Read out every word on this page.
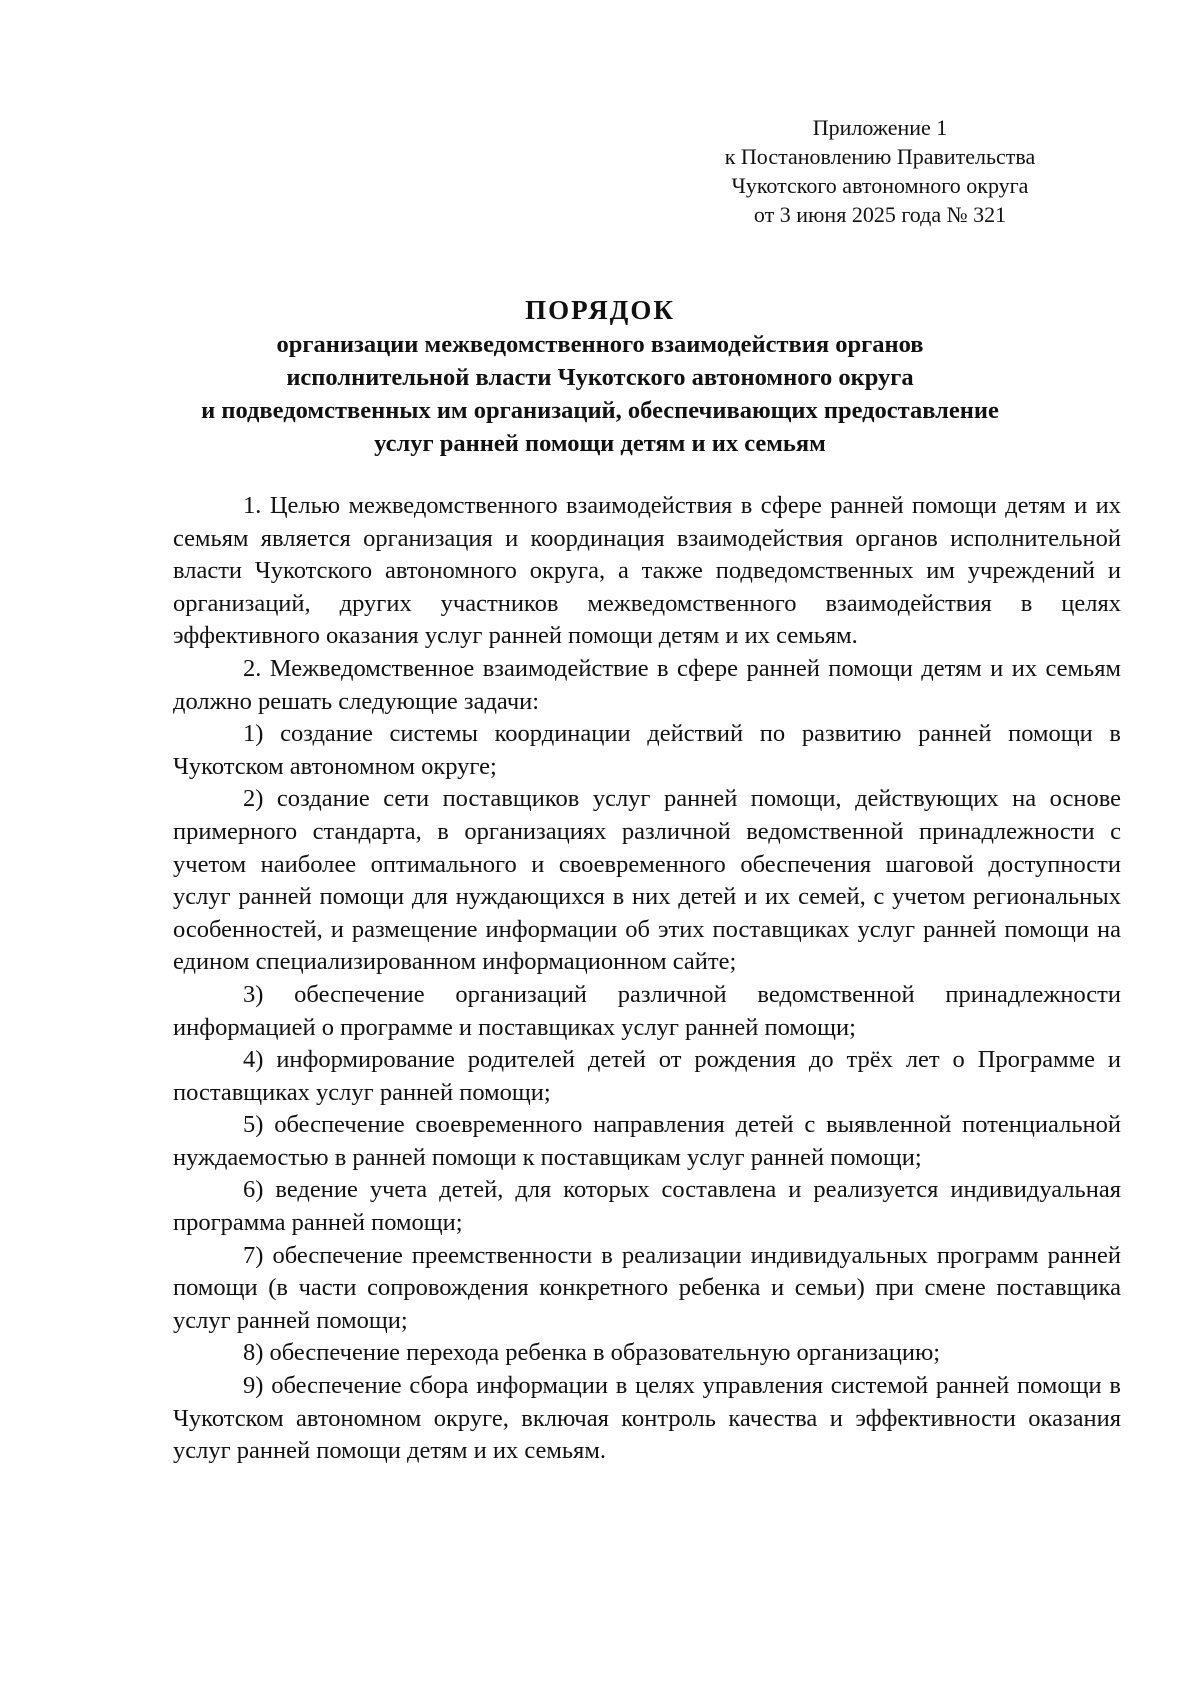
Приложение 1
к Постановлению Правительства
Чукотского автономного округа
от 3 июня 2025 года № 321
ПОРЯДОК
организации межведомственного взаимодействия органов
исполнительной власти Чукотского автономного округа
и подведомственных им организаций, обеспечивающих предоставление
услуг ранней помощи детям и их семьям

1. Целью межведомственного взаимодействия в сфере ранней помощи детям и их семьям является организация и координация взаимодействия органов исполнительной власти Чукотского автономного округа, а также подведомственных им учреждений и организаций, других участников межведомственного взаимодействия в целях эффективного оказания услуг ранней помощи детям и их семьям.

2. Межведомственное взаимодействие в сфере ранней помощи детям и их семьям должно решать следующие задачи:

1) создание системы координации действий по развитию ранней помощи в Чукотском автономном округе;

2) создание сети поставщиков услуг ранней помощи, действующих на основе примерного стандарта, в организациях различной ведомственной принадлежности с учетом наиболее оптимального и своевременного обеспечения шаговой доступности услуг ранней помощи для нуждающихся в них детей и их семей, с учетом региональных особенностей, и размещение информации об этих поставщиках услуг ранней помощи на едином специализированном информационном сайте;

3) обеспечение организаций различной ведомственной принадлежности информацией о программе и поставщиках услуг ранней помощи;

4) информирование родителей детей от рождения до трёх лет о Программе и поставщиках услуг ранней помощи;

5) обеспечение своевременного направления детей с выявленной потенциальной нуждаемостью в ранней помощи к поставщикам услуг ранней помощи;

6) ведение учета детей, для которых составлена и реализуется индивидуальная программа ранней помощи;

7) обеспечение преемственности в реализации индивидуальных программ ранней помощи (в части сопровождения конкретного ребенка и семьи) при смене поставщика услуг ранней помощи;

8) обеспечение перехода ребенка в образовательную организацию;

9) обеспечение сбора информации в целях управления системой ранней помощи в Чукотском автономном округе, включая контроль качества и эффективности оказания услуг ранней помощи детям и их семьям.
